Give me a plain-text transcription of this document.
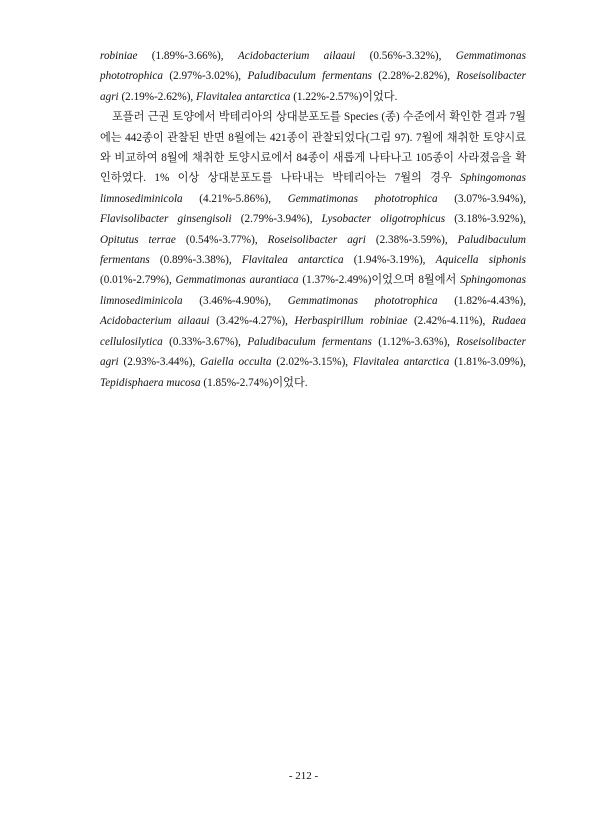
robiniae (1.89%-3.66%), Acidobacterium ailaaui (0.56%-3.32%), Gemmatimonas phototrophica (2.97%-3.02%), Paludibaculum fermentans (2.28%-2.82%), Roseisolibacter agri (2.19%-2.62%), Flavitalea antarctica (1.22%-2.57%)이었다.

포플러 근권 토양에서 박테리아의 상대분포도를 Species (종) 수준에서 확인한 결과 7월에는 442종이 관찰된 반면 8월에는 421종이 관찰되었다(그림 97). 7월에 채취한 토양시료와 비교하여 8월에 채취한 토양시료에서 84종이 새롭게 나타나고 105종이 사라졌음을 확인하였다. 1% 이상 상대분포도를 나타내는 박테리아는 7월의 경우 Sphingomonas limnosediminicola (4.21%-5.86%), Gemmatimonas phototrophica (3.07%-3.94%), Flavisolibacter ginsengisoli (2.79%-3.94%), Lysobacter oligotrophicus (3.18%-3.92%), Opitutus terrae (0.54%-3.77%), Roseisolibacter agri (2.38%-3.59%), Paludibaculum fermentans (0.89%-3.38%), Flavitalea antarctica (1.94%-3.19%), Aquicella siphonis (0.01%-2.79%), Gemmatimonas aurantiaca (1.37%-2.49%)이었으며 8월에서 Sphingomonas limnosediminicola (3.46%-4.90%), Gemmatimonas phototrophica (1.82%-4.43%), Acidobacterium ailaaui (3.42%-4.27%), Herbaspirillum robiniae (2.42%-4.11%), Rudaea cellulosilytica (0.33%-3.67%), Paludibaculum fermentans (1.12%-3.63%), Roseisolibacter agri (2.93%-3.44%), Gaiella occulta (2.02%-3.15%), Flavitalea antarctica (1.81%-3.09%), Tepidisphaera mucosa (1.85%-2.74%)이었다.

- 212 -
